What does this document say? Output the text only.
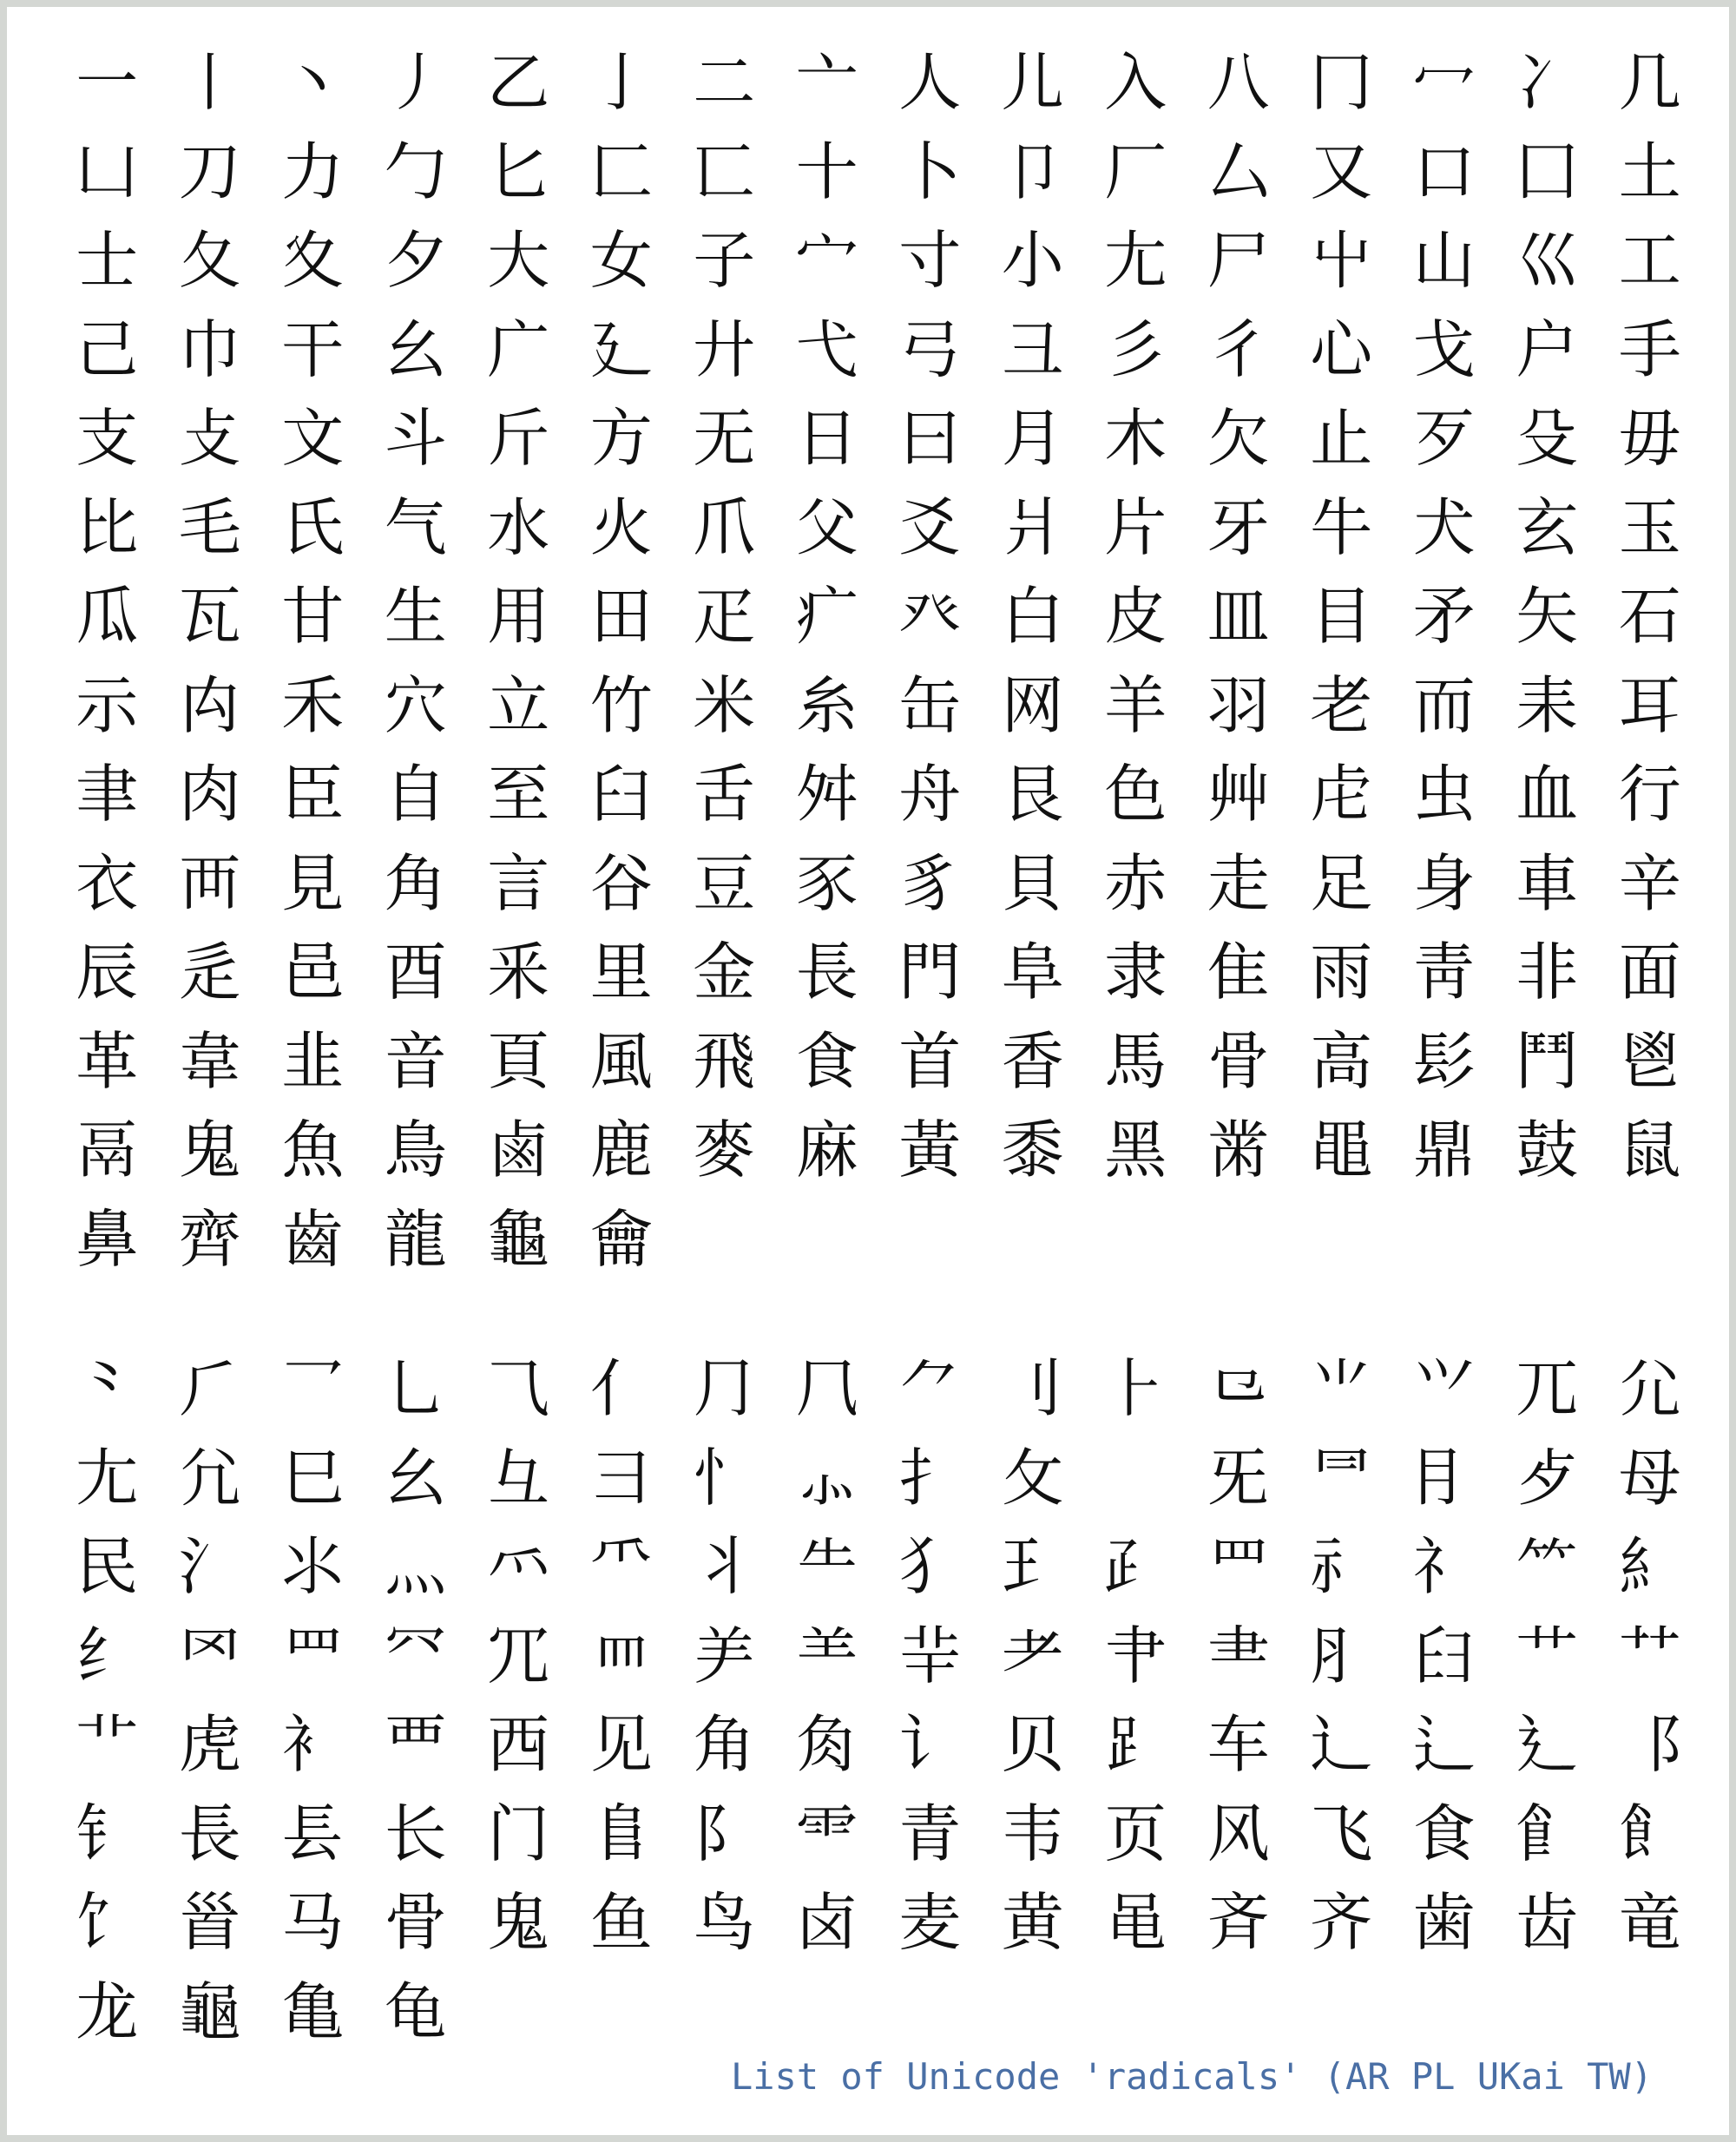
⼀ ⼁ ⼂ ⼃ ⼄ ⼅ ⼆ ⼇ ⼈ ⼉ ⼊ ⼋ ⼌ ⼍ ⼎ ⼏
⼐ ⼑ ⼒ ⼓ ⼔ ⼕ ⼖ ⼗ ⼘ ⼙ ⼚ ⼛ ⼜ ⼝ ⼞ ⼟
⼠ ⼡ ⼢ ⼣ ⼤ ⼥ ⼦ ⼧ ⼨ ⼩ ⼪ ⼫ ⼬ ⼭ ⼮ ⼯
⼰ ⼱ ⼲ ⼳ ⼴ ⼵ ⼶ ⼷ ⼸ ⼹ ⼺ ⼻ ⼼ ⼽ ⼾ ⼿
⽀ ⽁ ⽂ ⽃ ⽄ ⽅ ⽆ ⽇ ⽈ ⽉ ⽊ ⽋ ⽌ ⽍ ⽎ ⽏
⽐ ⽑ ⽒ ⽓ ⽔ ⽕ ⽖ ⽗ ⽘ ⽙ ⽚ ⽛ ⽜ ⽝ ⽞ ⽟
⽠ ⽡ ⽢ ⽣ ⽤ ⽥ ⽦ ⽧ ⽨ ⽩ ⽪ ⽫ ⽬ ⽭ ⽮ ⽯
⽰ ⽱ ⽲ ⽳ ⽴ ⽵ ⽶ ⽷ ⽸ ⽹ ⽺ ⽻ ⽼ ⽽ ⽾ ⽿
⾀ ⾁ ⾂ ⾃ ⾄ ⾅ ⾆ ⾇ ⾈ ⾉ ⾊ ⾋ ⾌ ⾍ ⾎ ⾏
⾐ ⾑ ⾒ ⾓ ⾔ ⾕ ⾖ ⾗ ⾘ ⾙ ⾚ ⾛ ⾜ ⾝ ⾞ ⾟
⾠ ⾡ ⾢ ⾣ ⾤ ⾥ ⾦ ⾧ ⾨ ⾩ ⾪ ⾫ ⾬ ⾭ ⾮ ⾯
⾰ ⾱ ⾲ ⾳ ⾴ ⾵ ⾶ ⾷ ⾸ ⾹ ⾺ ⾻ ⾼ ⾽ ⾾ ⾿
⿀ ⿁ ⿂ ⿃ ⿄ ⿅ ⿆ ⿇ ⿈ ⿉ ⿊ ⿋ ⿌ ⿍ ⿎ ⿏
⿐ ⿑ ⿒ ⿓ ⿔ ⿕
⺀ ⺁ ⺂ ⺃ ⺄ ⺅ ⺆ ⺇ ⺈ ⺉ ⺊ ⺋ ⺌ ⺍ ⺎ ⺏
⺐ ⺑ ⺒ ⺓ ⺔ ⺕ ⺖ ⺗ ⺘ ⺙	⺛ ⺜ ⺝ ⺞ ⺟
⺠ ⺡ ⺢ ⺣ ⺤ ⺥ ⺦ ⺧ ⺨ ⺩ ⺪ ⺫ ⺬ ⺭ ⺮ ⺯
⺰ ⺱ ⺲ ⺳ ⺴ ⺵ ⺶ ⺷ ⺸ ⺹ ⺺ ⺻ ⺼ ⺽ ⺾ ⺿
⻀ ⻁ ⻂ ⻃ ⻄ ⻅ ⻆ ⻇ ⻈ ⻉ ⻊ ⻋ ⻌ ⻍ ⻎ ⻏
⻐ ⻑ ⻒ ⻓ ⻔ ⻕ ⻖ ⻗ ⻘ ⻙ ⻚ ⻛ ⻜ ⻝ ⻞ ⻟
⻠ ⻡ ⻢ ⻣ ⻤ ⻥ ⻦ ⻧ ⻨ ⻩ ⻪ ⻫ ⻬ ⻭ ⻮ ⻯
⻰ ⻱ ⻲ ⻳
List of Unicode 'radicals' (AR PL UKai TW)
